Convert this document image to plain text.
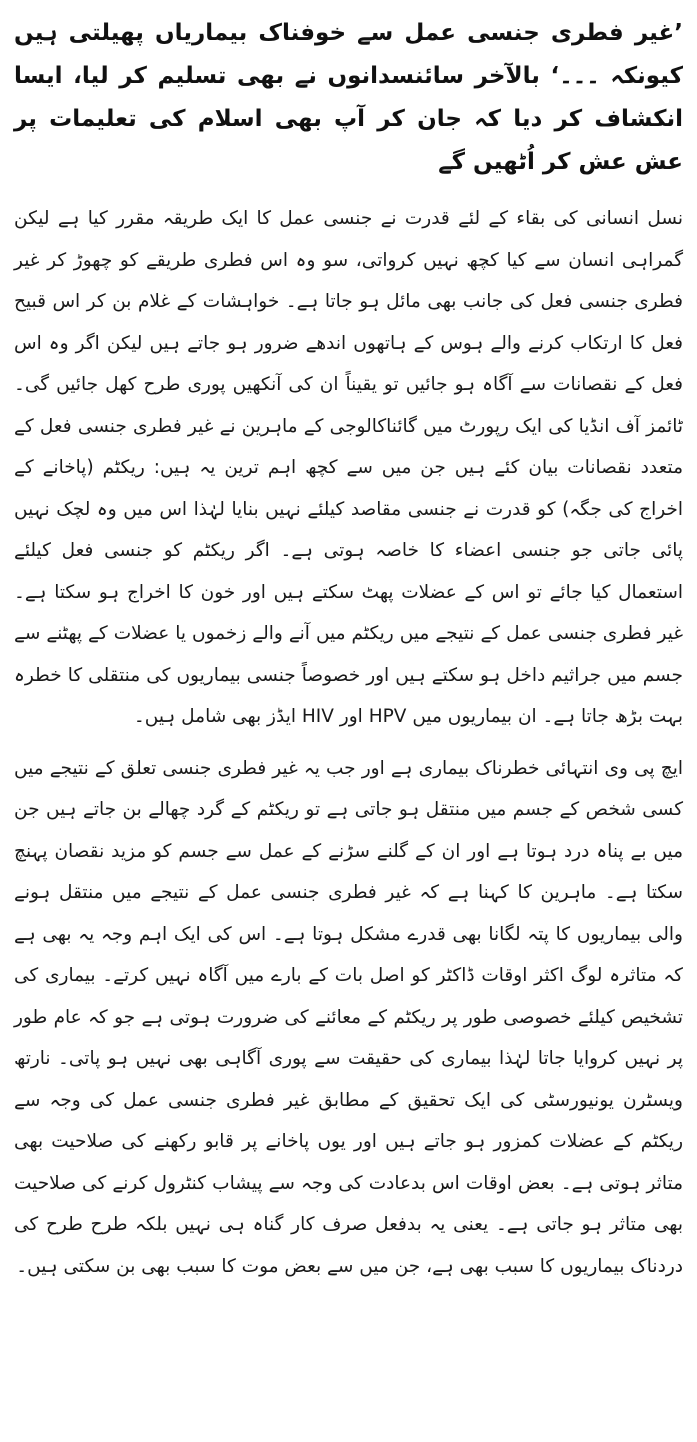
’غیر فطری جنسی عمل سے خوفناک بیماریاں پھیلتی ہیں کیونکہ ۔۔۔‘ بالآخر سائنسدانوں نے بھی تسلیم کر لیا، ایسا انکشاف کر دیا کہ جان کر آپ بھی اسلام کی تعلیمات پر عش عش کر اُٹھیں گے

نسل انسانی کی بقاء کے لئے قدرت نے جنسی عمل کا ایک طریقہ مقرر کیا ہے لیکن گمراہی انسان سے کیا کچھ نہیں کرواتی، سو وہ اس فطری طریقے کو چھوڑ کر غیر فطری جنسی فعل کی جانب بھی مائل ہو جاتا ہے۔ خواہشات کے غلام بن کر اس قبیح فعل کا ارتکاب کرنے والے ہوس کے ہاتھوں اندھے ضرور ہو جاتے ہیں لیکن اگر وہ اس فعل کے نقصانات سے آگاہ ہو جائیں تو یقیناً ان کی آنکھیں پوری طرح کھل جائیں گی۔ ٹائمز آف انڈیا کی ایک رپورٹ میں گائناکالوجی کے ماہرین نے غیر فطری جنسی فعل کے متعدد نقصانات بیان کئے ہیں جن میں سے کچھ اہم ترین یہ ہیں: ریکٹم (پاخانے کے اخراج کی جگہ) کو قدرت نے جنسی مقاصد کیلئے نہیں بنایا لہٰذا اس میں وہ لچک نہیں پائی جاتی جو جنسی اعضاء کا خاصہ ہوتی ہے۔ اگر ریکٹم کو جنسی فعل کیلئے استعمال کیا جائے تو اس کے عضلات پھٹ سکتے ہیں اور خون کا اخراج ہو سکتا ہے۔ غیر فطری جنسی عمل کے نتیجے میں ریکٹم میں آنے والے زخموں یا عضلات کے پھٹنے سے جسم میں جراثیم داخل ہو سکتے ہیں اور خصوصاً جنسی بیماریوں کی منتقلی کا خطرہ بہت بڑھ جاتا ہے۔ ان بیماریوں میں HPV اور HIV ایڈز بھی شامل ہیں۔

ایچ پی وی انتہائی خطرناک بیماری ہے اور جب یہ غیر فطری جنسی تعلق کے نتیجے میں کسی شخص کے جسم میں منتقل ہو جاتی ہے تو ریکٹم کے گرد چھالے بن جاتے ہیں جن میں بے پناہ درد ہوتا ہے اور ان کے گلنے سڑنے کے عمل سے جسم کو مزید نقصان پہنچ سکتا ہے۔ ماہرین کا کہنا ہے کہ غیر فطری جنسی عمل کے نتیجے میں منتقل ہونے والی بیماریوں کا پتہ لگانا بھی قدرے مشکل ہوتا ہے۔ اس کی ایک اہم وجہ یہ بھی ہے کہ متاثرہ لوگ اکثر اوقات ڈاکٹر کو اصل بات کے بارے میں آگاہ نہیں کرتے۔ بیماری کی تشخیص کیلئے خصوصی طور پر ریکٹم کے معائنے کی ضرورت ہوتی ہے جو کہ عام طور پر نہیں کروایا جاتا لہٰذا بیماری کی حقیقت سے پوری آگاہی بھی نہیں ہو پاتی۔ نارتھ ویسٹرن یونیورسٹی کی ایک تحقیق کے مطابق غیر فطری جنسی عمل کی وجہ سے ریکٹم کے عضلات کمزور ہو جاتے ہیں اور یوں پاخانے پر قابو رکھنے کی صلاحیت بھی متاثر ہوتی ہے۔ بعض اوقات اس بدعادت کی وجہ سے پیشاب کنٹرول کرنے کی صلاحیت بھی متاثر ہو جاتی ہے۔ یعنی یہ بدفعل صرف کار گناہ ہی نہیں بلکہ طرح طرح کی دردناک بیماریوں کا سبب بھی ہے، جن میں سے بعض موت کا سبب بھی بن سکتی ہیں۔
